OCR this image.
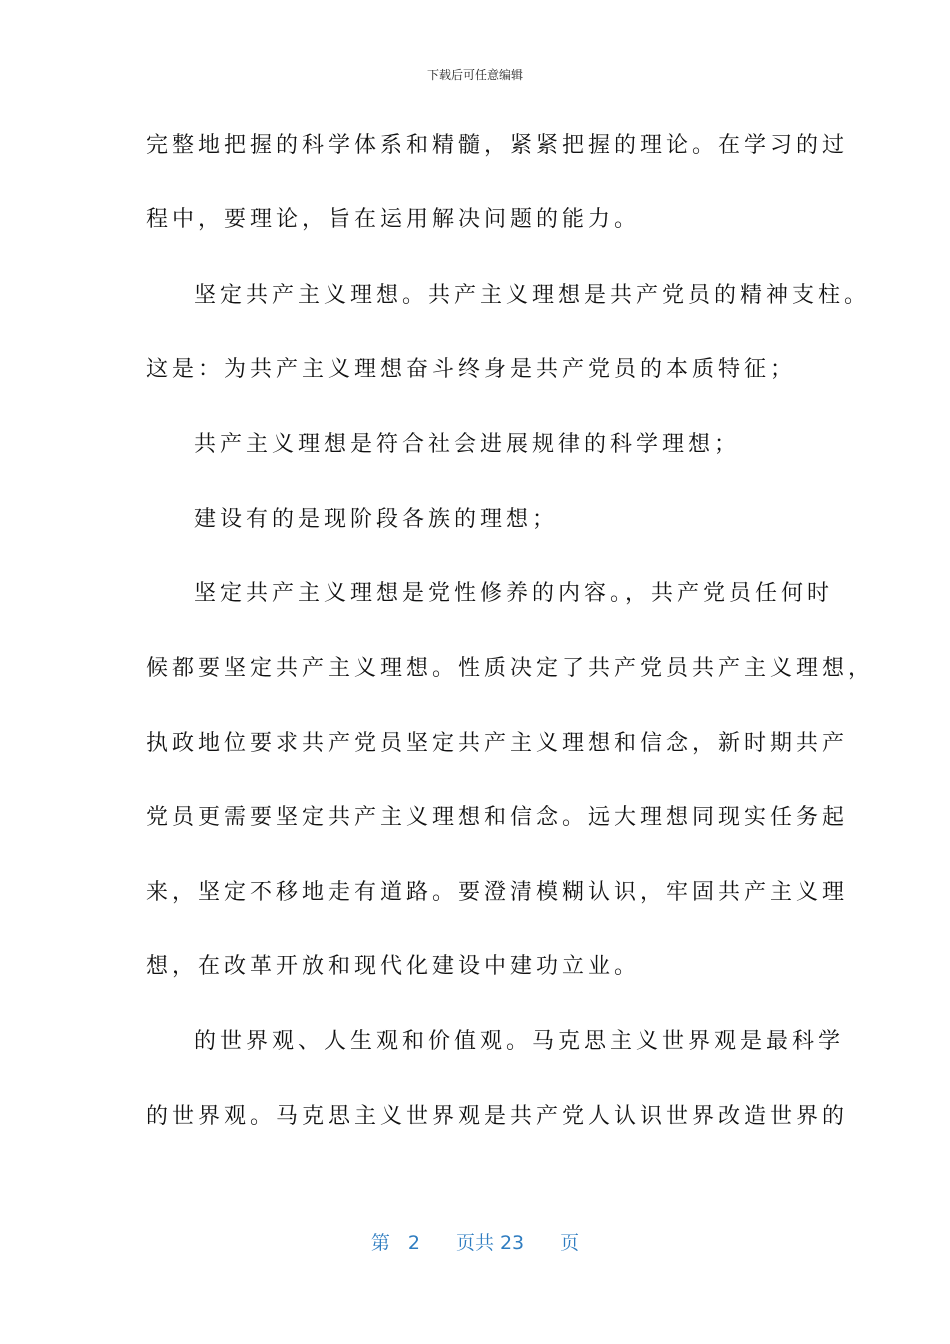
下载后可任意编辑
完整地把握的科学体系和精髓，紧紧把握的理论。在学习的过
程中，要理论，旨在运用解决问题的能力。
坚定共产主义理想。共产主义理想是共产党员的精神支柱。
这是：为共产主义理想奋斗终身是共产党员的本质特征；
共产主义理想是符合社会进展规律的科学理想；
建设有的是现阶段各族的理想；
坚定共产主义理想是党性修养的内容。，共产党员任何时
候都要坚定共产主义理想。性质决定了共产党员共产主义理想，
执政地位要求共产党员坚定共产主义理想和信念，新时期共产
党员更需要坚定共产主义理想和信念。远大理想同现实任务起
来，坚定不移地走有道路。要澄清模糊认识，牢固共产主义理
想，在改革开放和现代化建设中建功立业。
的世界观、人生观和价值观。马克思主义世界观是最科学
的世界观。马克思主义世界观是共产党人认识世界改造世界的
第 2 页共 23 页
